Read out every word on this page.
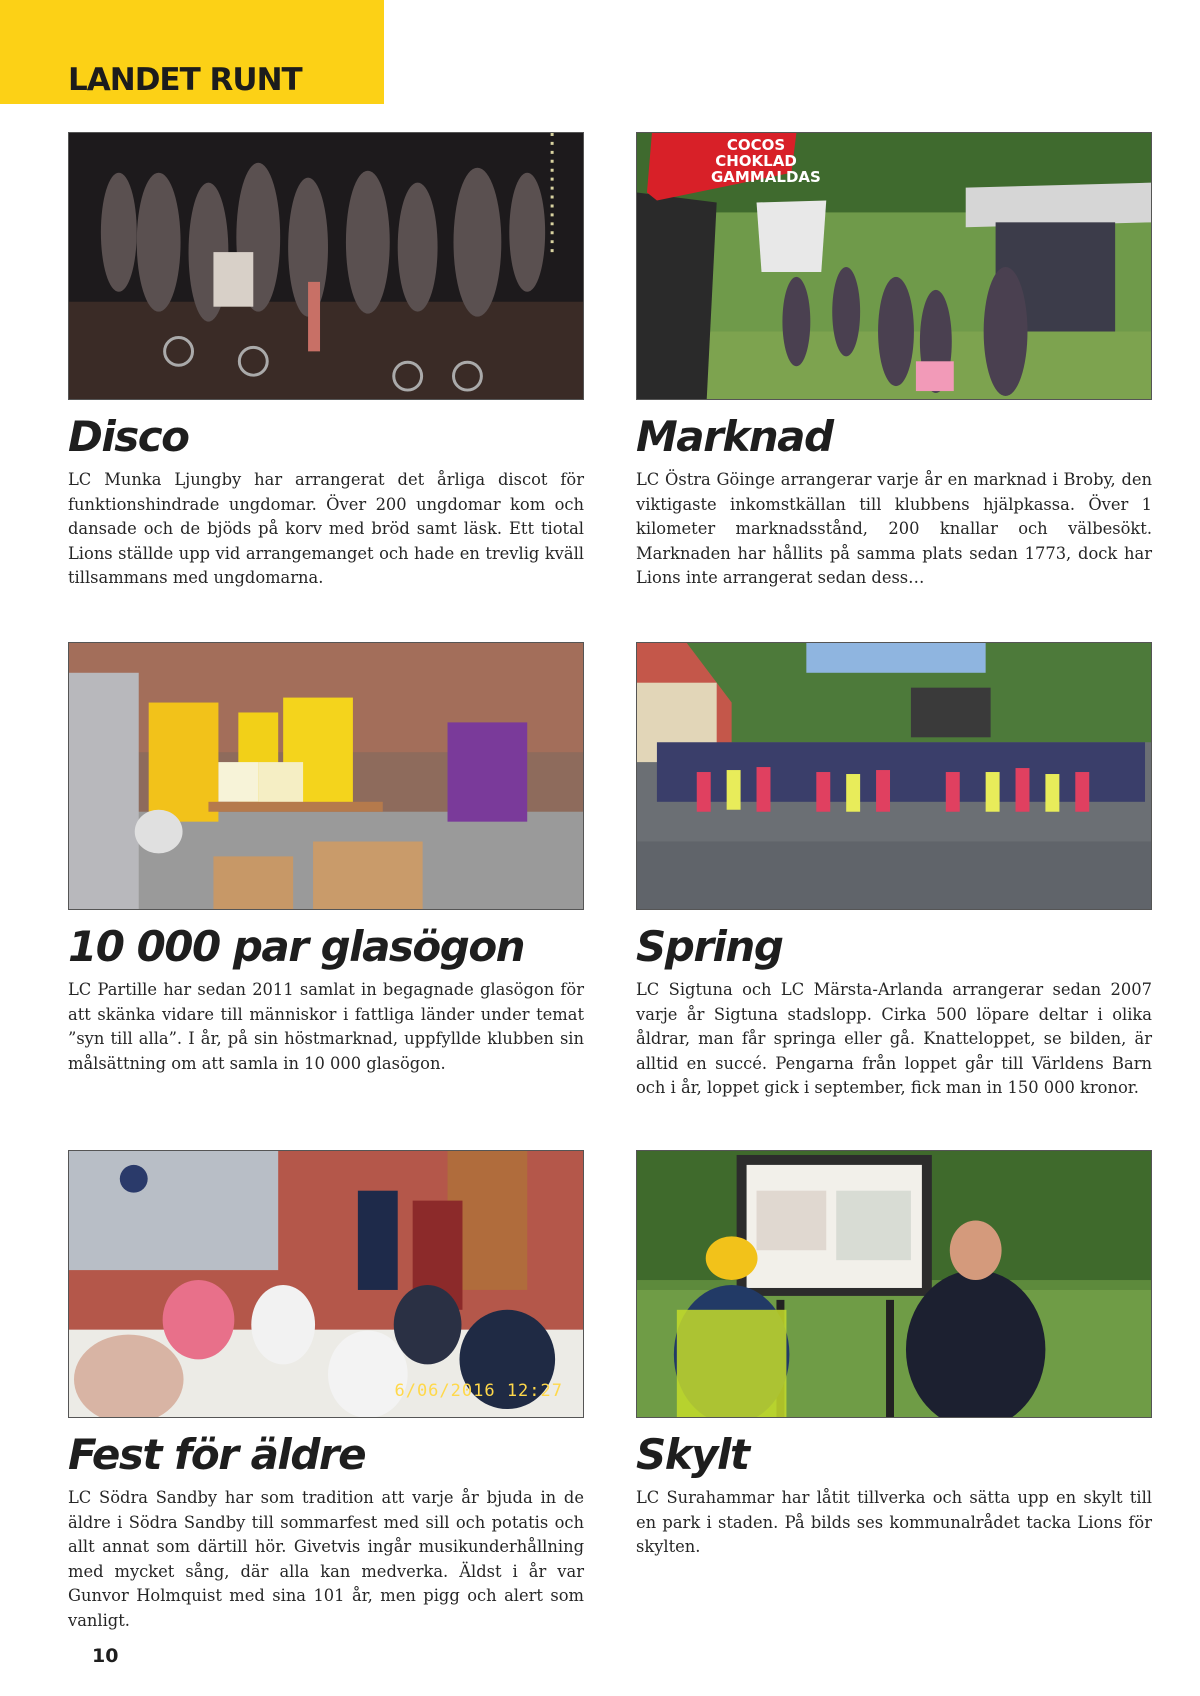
LANDET RUNT
Disco
LC Munka Ljungby har arrangerat det årliga discot för funktionshindrade ungdomar. Över 200 ungdomar kom och dansade och de bjöds på korv med bröd samt läsk. Ett tiotal Lions ställde upp vid arrangemanget och hade en trevlig kväll tillsammans med ungdomarna.
COCOS CHOKLAD GAMMALDAS
Marknad
LC Östra Göinge arrangerar varje år en marknad i Broby, den viktigaste inkomstkällan till klubbens hjälpkassa. Över 1 kilometer marknadsstånd, 200 knallar och välbesökt. Marknaden har hållits på samma plats sedan 1773, dock har Lions inte arrangerat sedan dess…
10 000 par glasögon
LC Partille har sedan 2011 samlat in begagnade glasögon för att skänka vidare till människor i fattliga länder under temat ”syn till alla”. I år, på sin höstmarknad, uppfyllde klubben sin målsättning om att samla in 10 000 glasögon.
Spring
LC Sigtuna och LC Märsta-Arlanda arrangerar sedan 2007 varje år Sigtuna stadslopp. Cirka 500 löpare deltar i olika åldrar, man får springa eller gå. Knatteloppet, se bilden, är alltid en succé. Pengarna från loppet går till Världens Barn och i år, loppet gick i september, fick man in 150 000 kronor.
6/06/2016 12:27
Fest för äldre
LC Södra Sandby har som tradition att varje år bjuda in de äldre i Södra Sandby till sommarfest med sill och potatis och allt annat som därtill hör. Givetvis ingår musikunderhållning med mycket sång, där alla kan medverka. Äldst i år var Gunvor Holmquist med sina 101 år, men pigg och alert som vanligt.
Skylt
LC Surahammar har låtit tillverka och sätta upp en skylt till en park i staden. På bilds ses kommunalrådet tacka Lions för skylten.
10
